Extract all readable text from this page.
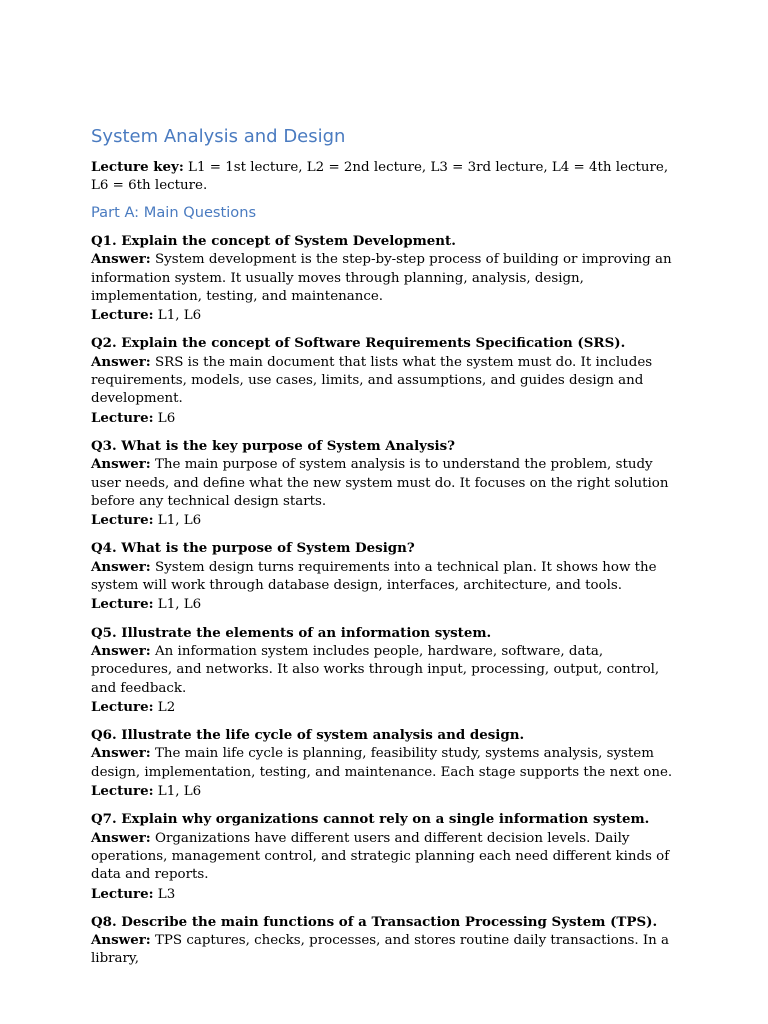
System Analysis and Design

Lecture key: L1 = 1st lecture, L2 = 2nd lecture, L3 = 3rd lecture, L4 = 4th lecture, L6 = 6th lecture.

Part A: Main Questions

Q1. Explain the concept of System Development.

Answer: System development is the step-by-step process of building or improving an information system. It usually moves through planning, analysis, design, implementation, testing, and maintenance.

Lecture: L1, L6

Q2. Explain the concept of Software Requirements Specification (SRS).

Answer: SRS is the main document that lists what the system must do. It includes requirements, models, use cases, limits, and assumptions, and guides design and development.

Lecture: L6

Q3. What is the key purpose of System Analysis?

Answer: The main purpose of system analysis is to understand the problem, study user needs, and define what the new system must do. It focuses on the right solution before any technical design starts.

Lecture: L1, L6

Q4. What is the purpose of System Design?

Answer: System design turns requirements into a technical plan. It shows how the system will work through database design, interfaces, architecture, and tools.

Lecture: L1, L6

Q5. Illustrate the elements of an information system.

Answer: An information system includes people, hardware, software, data, procedures, and networks. It also works through input, processing, output, control, and feedback.

Lecture: L2

Q6. Illustrate the life cycle of system analysis and design.

Answer: The main life cycle is planning, feasibility study, systems analysis, system design, implementation, testing, and maintenance. Each stage supports the next one.

Lecture: L1, L6

Q7. Explain why organizations cannot rely on a single information system.

Answer: Organizations have different users and different decision levels. Daily operations, management control, and strategic planning each need different kinds of data and reports.

Lecture: L3

Q8. Describe the main functions of a Transaction Processing System (TPS).

Answer: TPS captures, checks, processes, and stores routine daily transactions. In a library,
